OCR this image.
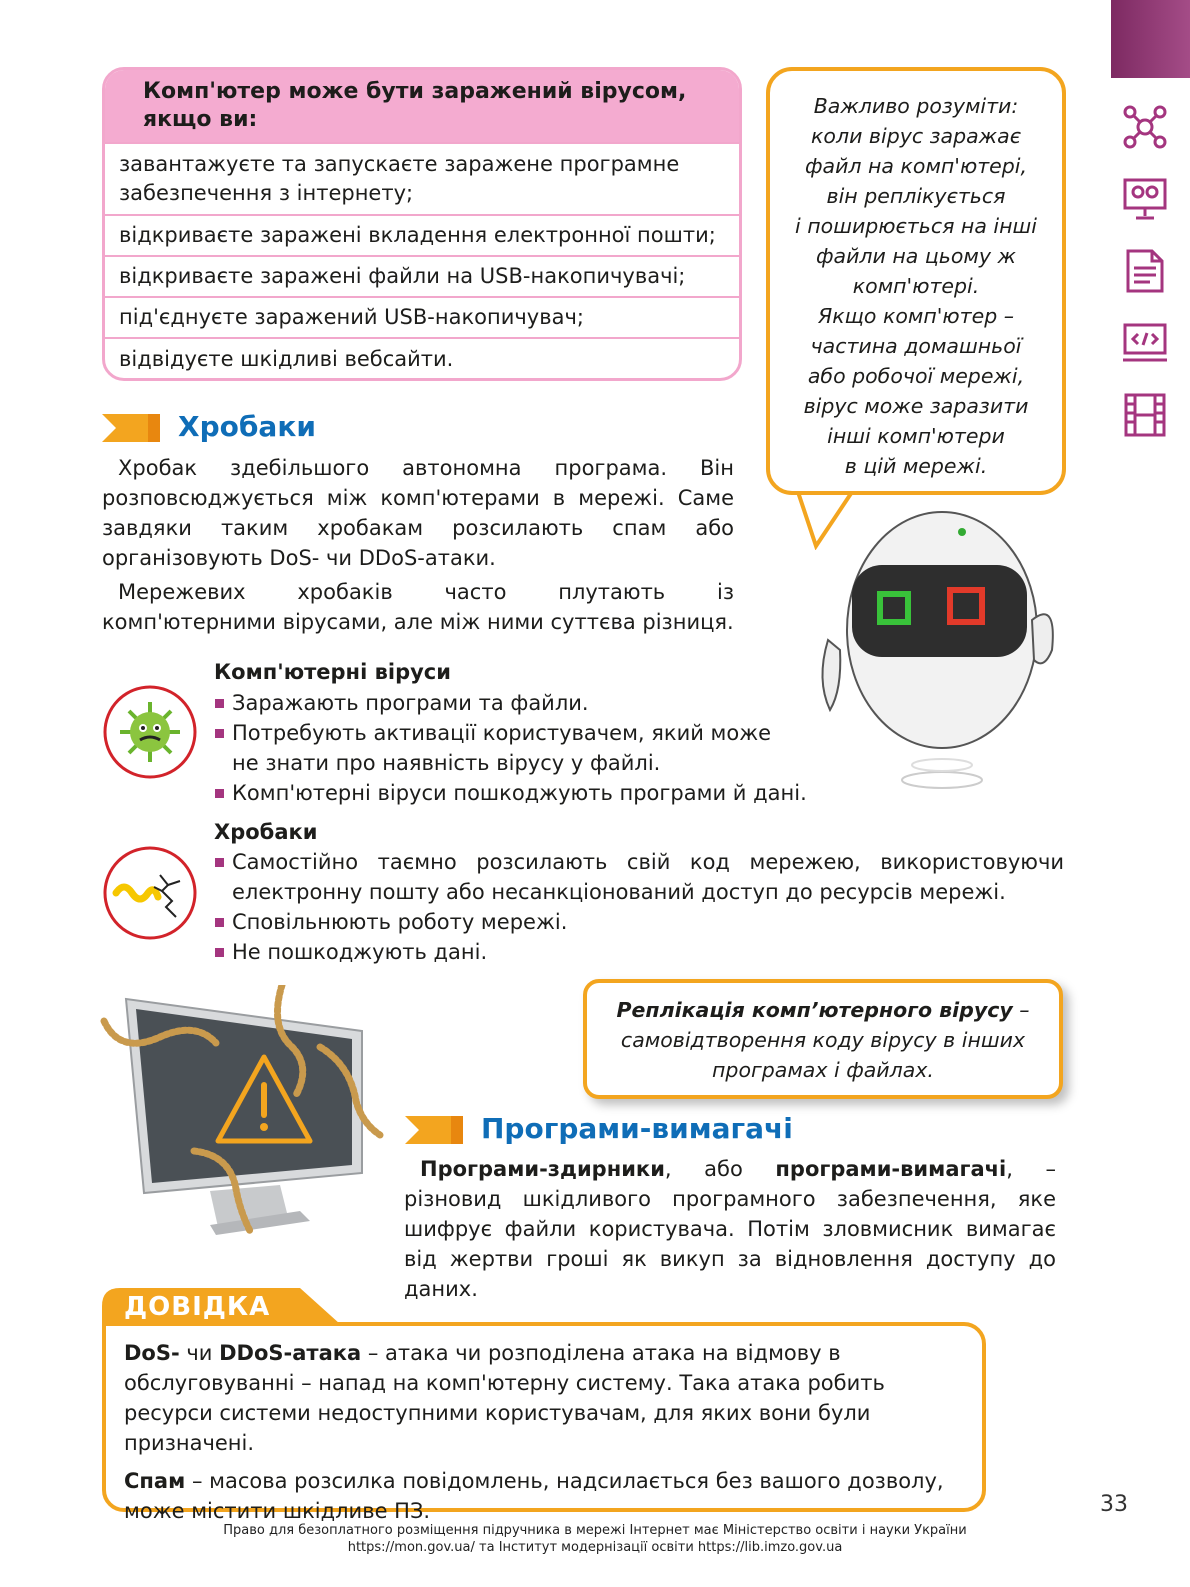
Комп'ютер може бути заражений вірусом,
якщо ви:
завантажуєте та запускаєте заражене програмне забезпечення з інтернету;
відкриваєте заражені вкладення електронної пошти;
відкриваєте заражені файли на USB-накопичувачі;
під'єднуєте заражений USB-накопичувач;
відвідуєте шкідливі вебсайти.
Важливо розуміти:
коли вірус заражає
файл на комп'ютері,
він реплікується
і поширюється на інші
файли на цьому ж
комп'ютері.
Якщо комп'ютер –
частина домашньої
або робочої мережі,
вірус може заразити
інші комп'ютери
в цій мережі.
Хробаки
Хробак здебільшого автономна програма. Він розповсюджується між комп'ютерами в мережі. Саме завдяки таким хробакам розсилають спам або організовують DoS- чи DDoS-атаки.
Мережевих хробаків часто плутають із комп'ютерними вірусами, але між ними суттєва різниця.
Комп'ютерні віруси
Заражають програми та файли.
Потребують активації користувачем, який може не знати про наявність вірусу у файлі.
Комп'ютерні віруси пошкоджують програми й дані.
Хробаки
Самостійно таємно розсилають свій код мережею, використовуючи електронну пошту або несанкціонований доступ до ресурсів мережі.
Сповільнюють роботу мережі.
Не пошкоджують дані.
Реплікація комп’ютерного вірусу –
самовідтворення коду вірусу в інших
програмах і файлах.
Програми-вимагачі
Програми-здирники, або програми-вимагачі, – різновид шкідливого програмного забезпечення, яке шифрує файли користувача. Потім зловмисник вимагає від жертви гроші як викуп за відновлення доступу до даних.
ДОВІДКА

DoS- чи DDoS-атака – атака чи розподілена атака на відмову в обслуговуванні – напад на комп'ютерну систему. Така атака робить ресурси системи недоступними користувачам, для яких вони були призначені.

Спам – масова розсилка повідомлень, надсилається без вашого дозволу, може містити шкідливе ПЗ.	33
Право для безоплатного розміщення підручника в мережі Інтернет має Міністерство освіти і науки України
https://mon.gov.ua/ та Інститут модернізації освіти https://lib.imzo.gov.ua
